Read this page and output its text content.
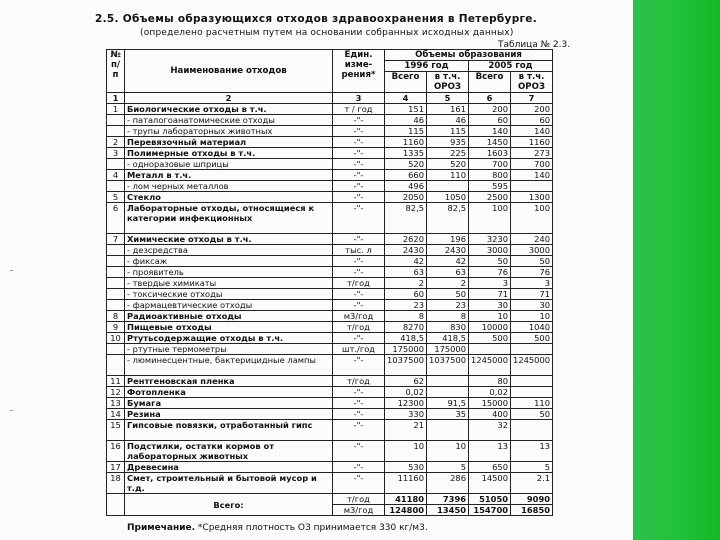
2.5. Объемы образующихся отходов здравоохранения в Петербурге.
(определено расчетным путем на основании собранных исходных данных)
Таблица № 2.3.
№ п/ п	Наименование отходов	Един. изме- рения*	Объемы образования			
			1996 год		2005 год	
			Всего	в т.ч. ОРОЗ	Всего	в т.ч. ОРОЗ
1	2	3	4	5	6	7
1	Биологические отходы в т.ч.	т / год	151	161	200	200
	- паталогоанатомические отходы	-"-	46	46	60	60
	- трупы лабораторных животных	-"-	115	115	140	140
2	Перевязочный материал	-"-	1160	935	1450	1160
3	Полимерные отходы в т.ч.	-"-	1335	225	1603	273
	- одноразовые шприцы	-"-	520	520	700	700
4	Металл в т.ч.	-"-	660	110	800	140
	- лом черных металлов	-"-	496		595	
5	Стекло	-"-	2050	1050	2500	1300
6	Лабораторные отходы, относящиеся к категории инфекционных	-"-	82,5	82,5	100	100
7	Химические отходы в т.ч.	-"-	2620	196	3230	240
	- дезсредства	тыс. л	2430	2430	3000	3000
	- фиксаж	-"-	42	42	50	50
	- проявитель	-"-	63	63	76	76
	- твердые химикаты	т/год	2	2	3	3
	- токсические отходы	-"-	60	50	71	71
	- фармацевтические отходы	-"-	23	23	30	30
8	Радиоактивные отходы	м3/год	8	8	10	10
9	Пищевые отходы	т/год	8270	830	10000	1040
10	Ртутьсодержащие отходы в т.ч.	-"-	418,5	418,5	500	500
	- ртутные термометры	шт./год	175000	175000		
	- люминесцентные, бактерицидные лампы	-"-	1037500	1037500	1245000	1245000
11	Рентгеновская пленка	т/год	62		80	
12	Фотопленка	-"-	0,02		0,02	
13	Бумага	-"-	12300	91,5	15000	110
14	Резина	-"-	330	35	400	50
15	Гипсовые повязки, отработанный гипс	-"-	21		32	
16	Подстилки, остатки кормов от лабораторных животных	-"-	10	10	13	13
17	Древесина	-"-	530	5	650	5
18	Смет, строительный и бытовой мусор и т.д.	-"-	11160	286	14500	2.1
	Всего:	т/год	41180	7396	51050	9090
		м3/год	124800	13450	154700	16850
Примечание. *Средняя плотность ОЗ принимается 330 кг/м3.
